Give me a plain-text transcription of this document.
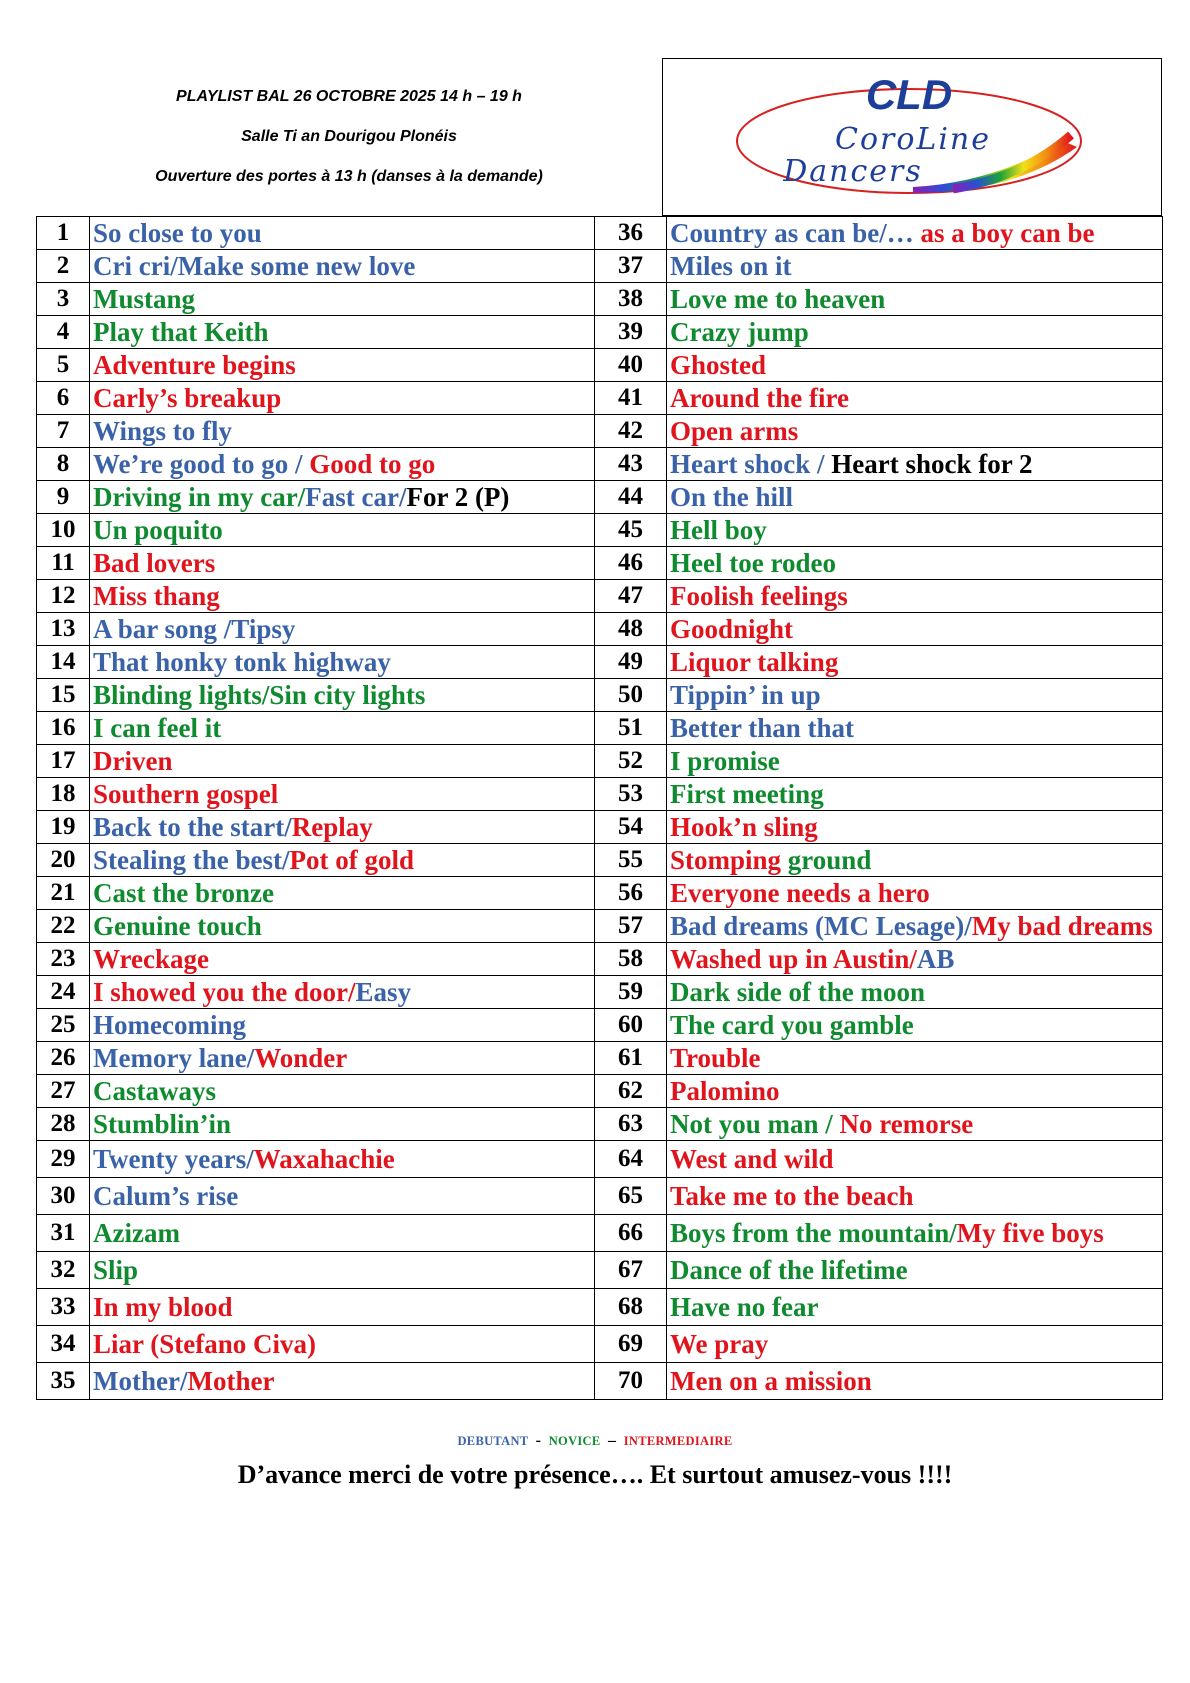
PLAYLIST BAL 26 OCTOBRE 2025 14 h – 19 h
Salle Ti an Dourigou Plonéis
Ouverture des portes à 13 h (danses à la demande)
CLD
CoroLine
Dancers
1	So close to you	36	Country as can be/… as a boy can be
2	Cri cri/Make some new love	37	Miles on it
3	Mustang	38	Love me to heaven
4	Play that Keith	39	Crazy jump
5	Adventure begins	40	Ghosted
6	Carly’s breakup	41	Around the fire
7	Wings to fly	42	Open arms
8	We’re good to go / Good to go	43	Heart shock / Heart shock for 2
9	Driving in my car/Fast car/For 2 (P)	44	On the hill
10	Un poquito	45	Hell boy
11	Bad lovers	46	Heel toe rodeo
12	Miss thang	47	Foolish feelings
13	A bar song /Tipsy	48	Goodnight
14	That honky tonk highway	49	Liquor talking
15	Blinding lights/Sin city lights	50	Tippin’ in up
16	I can feel it	51	Better than that
17	Driven	52	I promise
18	Southern gospel	53	First meeting
19	Back to the start/Replay	54	Hook’n sling
20	Stealing the best/Pot of gold	55	Stomping ground
21	Cast the bronze	56	Everyone needs a hero
22	Genuine touch	57	Bad dreams (MC Lesage)/My bad dreams
23	Wreckage	58	Washed up in Austin/AB
24	I showed you the door/Easy	59	Dark side of the moon
25	Homecoming	60	The card you gamble
26	Memory lane/Wonder	61	Trouble
27	Castaways	62	Palomino
28	Stumblin’in	63	Not you man / No remorse
29	Twenty years/Waxahachie	64	West and wild
30	Calum’s rise	65	Take me to the beach
31	Azizam	66	Boys from the mountain/My five boys
32	Slip	67	Dance of the lifetime
33	In my blood	68	Have no fear
34	Liar (Stefano Civa)	69	We pray
35	Mother/Mother	70	Men on a mission
DEBUTANT - NOVICE – INTERMEDIAIRE
D’avance merci de votre présence…. Et surtout amusez-vous !!!!
